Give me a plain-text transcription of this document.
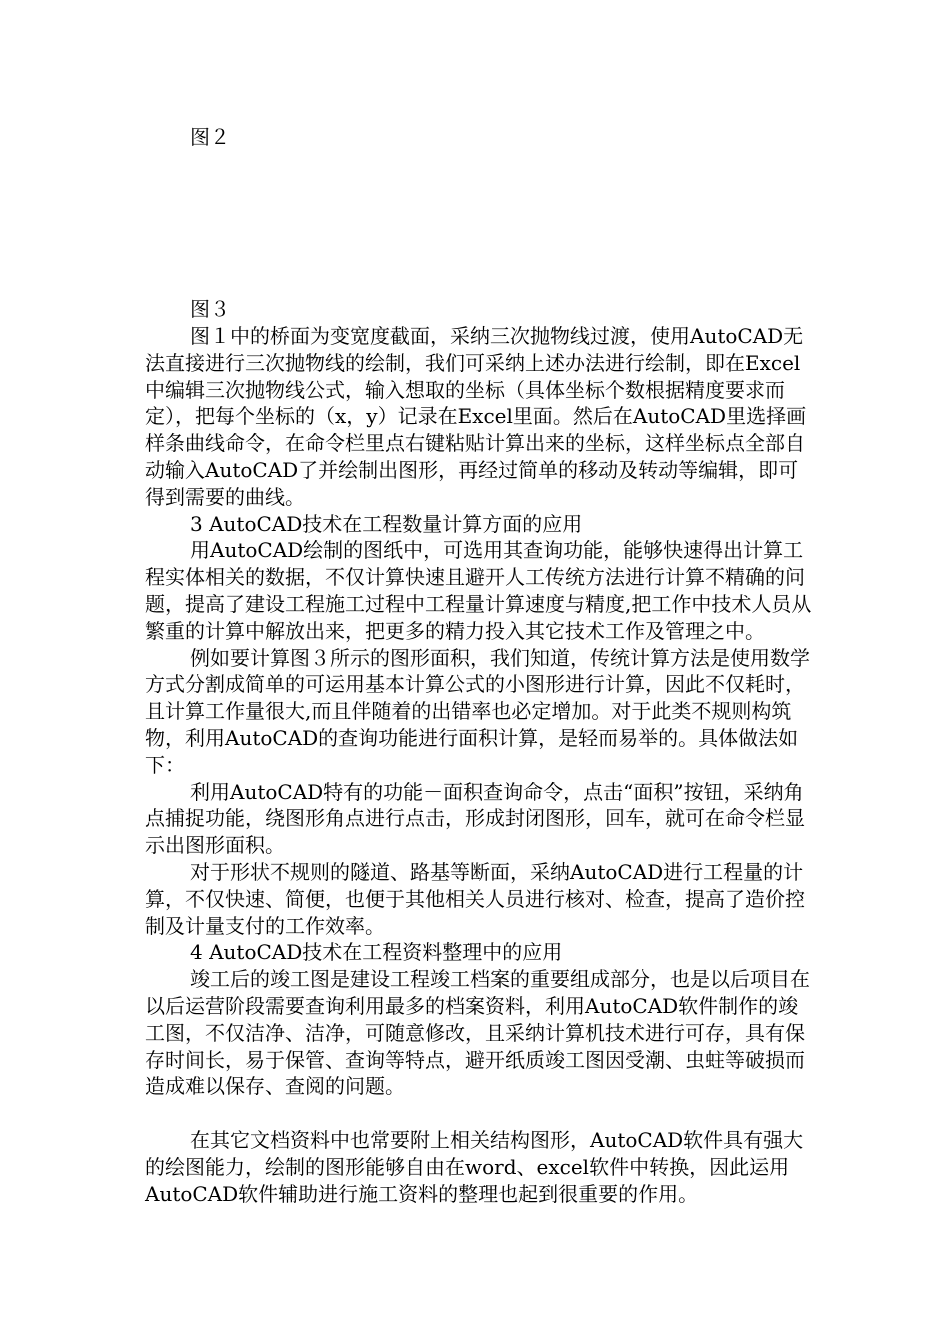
图２

图３

图１中的桥面为变宽度截面，采纳三次抛物线过渡，使用AutoCAD无法直接进行三次抛物线的绘制，我们可采纳上述办法进行绘制，即在Excel中编辑三次抛物线公式，输入想取的坐标（具体坐标个数根据精度要求而定），把每个坐标的（x，y）记录在Excel里面。然后在AutoCAD里选择画样条曲线命令，在命令栏里点右键粘贴计算出来的坐标，这样坐标点全部自动输入AutoCAD了并绘制出图形，再经过简单的移动及转动等编辑，即可得到需要的曲线。

3 AutoCAD技术在工程数量计算方面的应用

用AutoCAD绘制的图纸中，可选用其查询功能，能够快速得出计算工程实体相关的数据，不仅计算快速且避开人工传统方法进行计算不精确的问题，提高了建设工程施工过程中工程量计算速度与精度,把工作中技术人员从繁重的计算中解放出来，把更多的精力投入其它技术工作及管理之中。

例如要计算图３所示的图形面积，我们知道，传统计算方法是使用数学方式分割成简单的可运用基本计算公式的小图形进行计算，因此不仅耗时，且计算工作量很大,而且伴随着的出错率也必定增加。对于此类不规则构筑物，利用AutoCAD的查询功能进行面积计算，是轻而易举的。具体做法如下：

利用AutoCAD特有的功能－面积查询命令，点击“面积”按钮，采纳角点捕捉功能，绕图形角点进行点击，形成封闭图形，回车，就可在命令栏显示出图形面积。

对于形状不规则的隧道、路基等断面，采纳AutoCAD进行工程量的计算，不仅快速、简便，也便于其他相关人员进行核对、检查，提高了造价控制及计量支付的工作效率。

4 AutoCAD技术在工程资料整理中的应用

竣工后的竣工图是建设工程竣工档案的重要组成部分，也是以后项目在以后运营阶段需要查询利用最多的档案资料，利用AutoCAD软件制作的竣工图，不仅洁净、洁净，可随意修改，且采纳计算机技术进行可存，具有保存时间长，易于保管、查询等特点，避开纸质竣工图因受潮、虫蛀等破损而造成难以保存、查阅的问题。

在其它文档资料中也常要附上相关结构图形，AutoCAD软件具有强大的绘图能力，绘制的图形能够自由在word、excel软件中转换，因此运用AutoCAD软件辅助进行施工资料的整理也起到很重要的作用。
